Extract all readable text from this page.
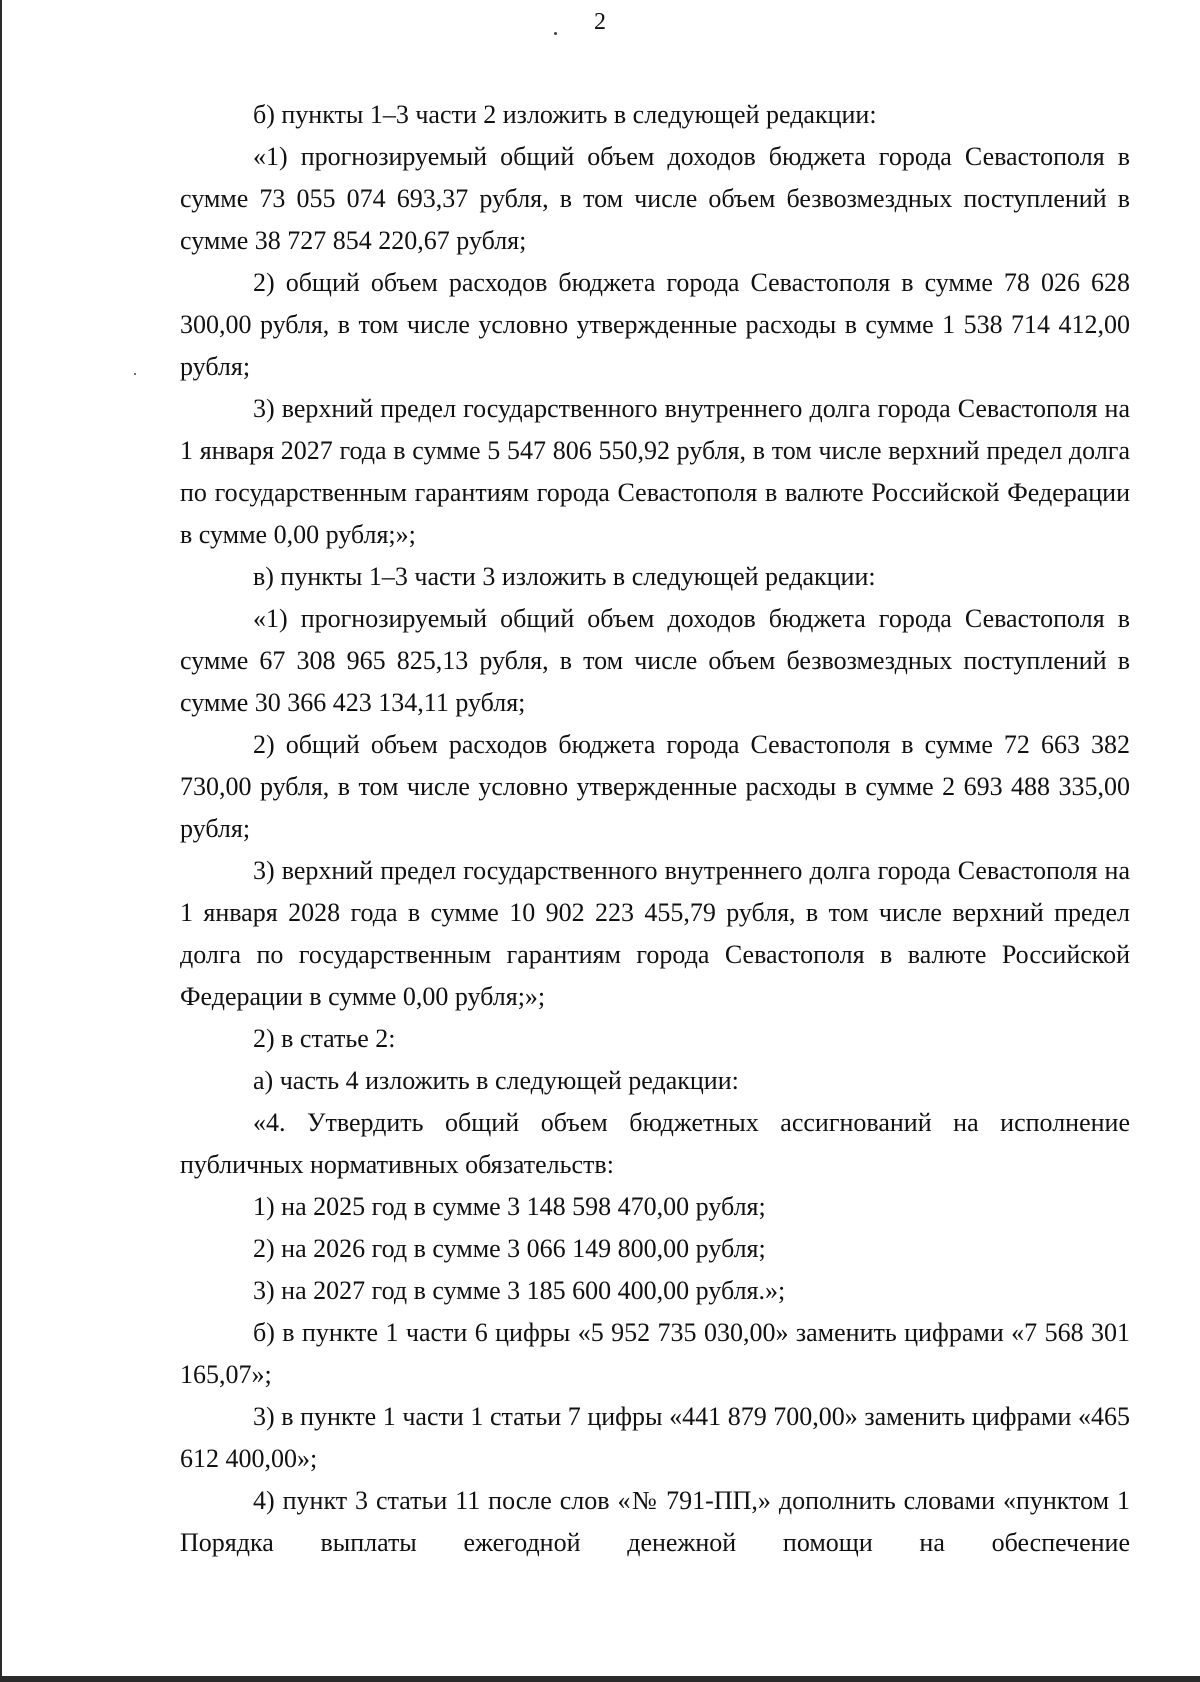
2

б) пункты 1–3 части 2 изложить в следующей редакции:

«1) прогнозируемый общий объем доходов бюджета города Севастополя в сумме 73 055 074 693,37 рубля, в том числе объем безвозмездных поступлений в сумме 38 727 854 220,67 рубля;

2) общий объем расходов бюджета города Севастополя в сумме 78 026 628 300,00 рубля, в том числе условно утвержденные расходы в сумме 1 538 714 412,00 рубля;

3) верхний предел государственного внутреннего долга города Севастополя на 1 января 2027 года в сумме 5 547 806 550,92 рубля, в том числе верхний предел долга по государственным гарантиям города Севастополя в валюте Российской Федерации в сумме 0,00 рубля;»;

в) пункты 1–3 части 3 изложить в следующей редакции:

«1) прогнозируемый общий объем доходов бюджета города Севастополя в сумме 67 308 965 825,13 рубля, в том числе объем безвозмездных поступлений в сумме 30 366 423 134,11 рубля;

2) общий объем расходов бюджета города Севастополя в сумме 72 663 382 730,00 рубля, в том числе условно утвержденные расходы в сумме 2 693 488 335,00 рубля;

3) верхний предел государственного внутреннего долга города Севастополя на 1 января 2028 года в сумме 10 902 223 455,79 рубля, в том числе верхний предел долга по государственным гарантиям города Севастополя в валюте Российской Федерации в сумме 0,00 рубля;»;

2) в статье 2:

а) часть 4 изложить в следующей редакции:

«4. Утвердить общий объем бюджетных ассигнований на исполнение публичных нормативных обязательств:

1) на 2025 год в сумме 3 148 598 470,00 рубля;

2) на 2026 год в сумме 3 066 149 800,00 рубля;

3) на 2027 год в сумме 3 185 600 400,00 рубля.»;

б) в пункте 1 части 6 цифры «5 952 735 030,00» заменить цифрами «7 568 301 165,07»;

3) в пункте 1 части 1 статьи 7 цифры «441 879 700,00» заменить цифрами «465 612 400,00»;

4) пункт 3 статьи 11 после слов «№ 791-ПП,» дополнить словами «пунктом 1 Порядка выплаты ежегодной денежной помощи на обеспечение
